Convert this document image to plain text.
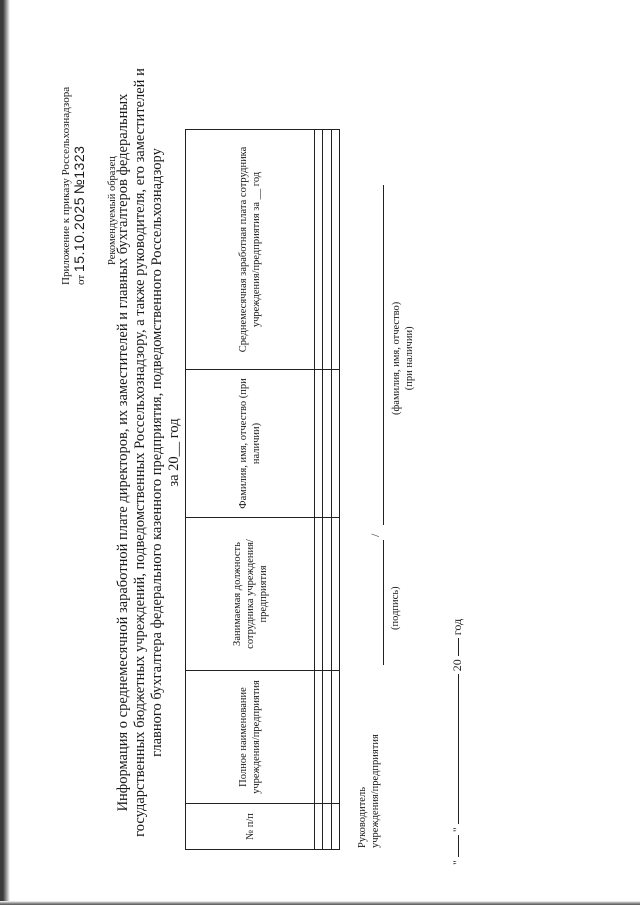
Приложение к приказу Россельхознадзора от 15.10.2025 №1323 Рекомендуемый образец
Информация о среднемесячной заработной плате директоров, их заместителей и главных бухгалтеров федеральных государственных бюджетных учреждений, подведомственных Россельхознадзору, а также руководителя, его заместителей и главного бухгалтера федерального казенного предприятия, подведомственного Россельхознадзору за 20__ год
№ п/п	Полное наименование учреждения/предприятия	Занимаемая должность сотрудника учреждения/предприятия	Фамилия, имя, отчество (при наличии)	Среднемесячная заработная плата сотрудника учреждения/предприятия за __ год

Руководитель учреждения/предприятия
/
(подпись)
(фамилия, имя, отчество) (при наличии)
"  "  20  год
